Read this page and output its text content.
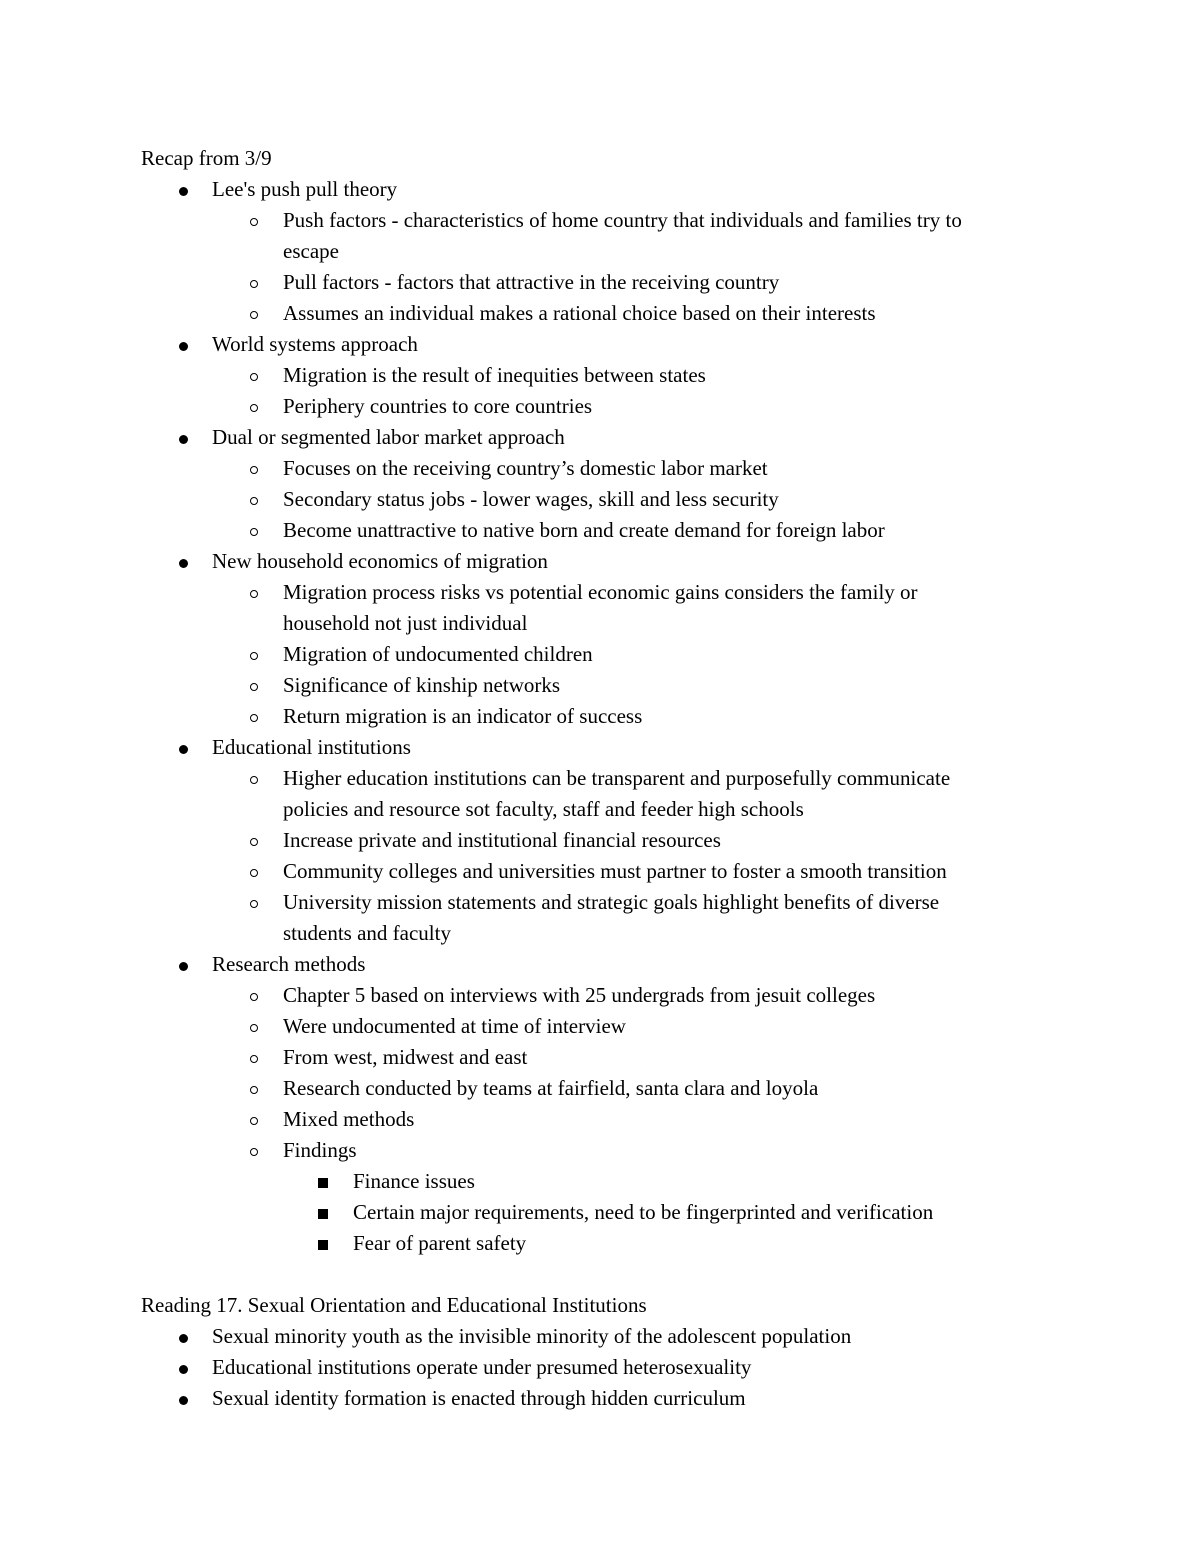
Recap from 3/9
Lee's push pull theory
Push factors - characteristics of home country that individuals and families try to
escape
Pull factors - factors that attractive in the receiving country
Assumes an individual makes a rational choice based on their interests
World systems approach
Migration is the result of inequities between states
Periphery countries to core countries
Dual or segmented labor market approach
Focuses on the receiving country’s domestic labor market
Secondary status jobs - lower wages, skill and less security
Become unattractive to native born and create demand for foreign labor
New household economics of migration
Migration process risks vs potential economic gains considers the family or
household not just individual
Migration of undocumented children
Significance of kinship networks
Return migration is an indicator of success
Educational institutions
Higher education institutions can be transparent and purposefully communicate
policies and resource sot faculty, staff and feeder high schools
Increase private and institutional financial resources
Community colleges and universities must partner to foster a smooth transition
University mission statements and strategic goals highlight benefits of diverse
students and faculty
Research methods
Chapter 5 based on interviews with 25 undergrads from jesuit colleges
Were undocumented at time of interview
From west, midwest and east
Research conducted by teams at fairfield, santa clara and loyola
Mixed methods
Findings
Finance issues
Certain major requirements, need to be fingerprinted and verification
Fear of parent safety
Reading 17. Sexual Orientation and Educational Institutions
Sexual minority youth as the invisible minority of the adolescent population
Educational institutions operate under presumed heterosexuality
Sexual identity formation is enacted through hidden curriculum
